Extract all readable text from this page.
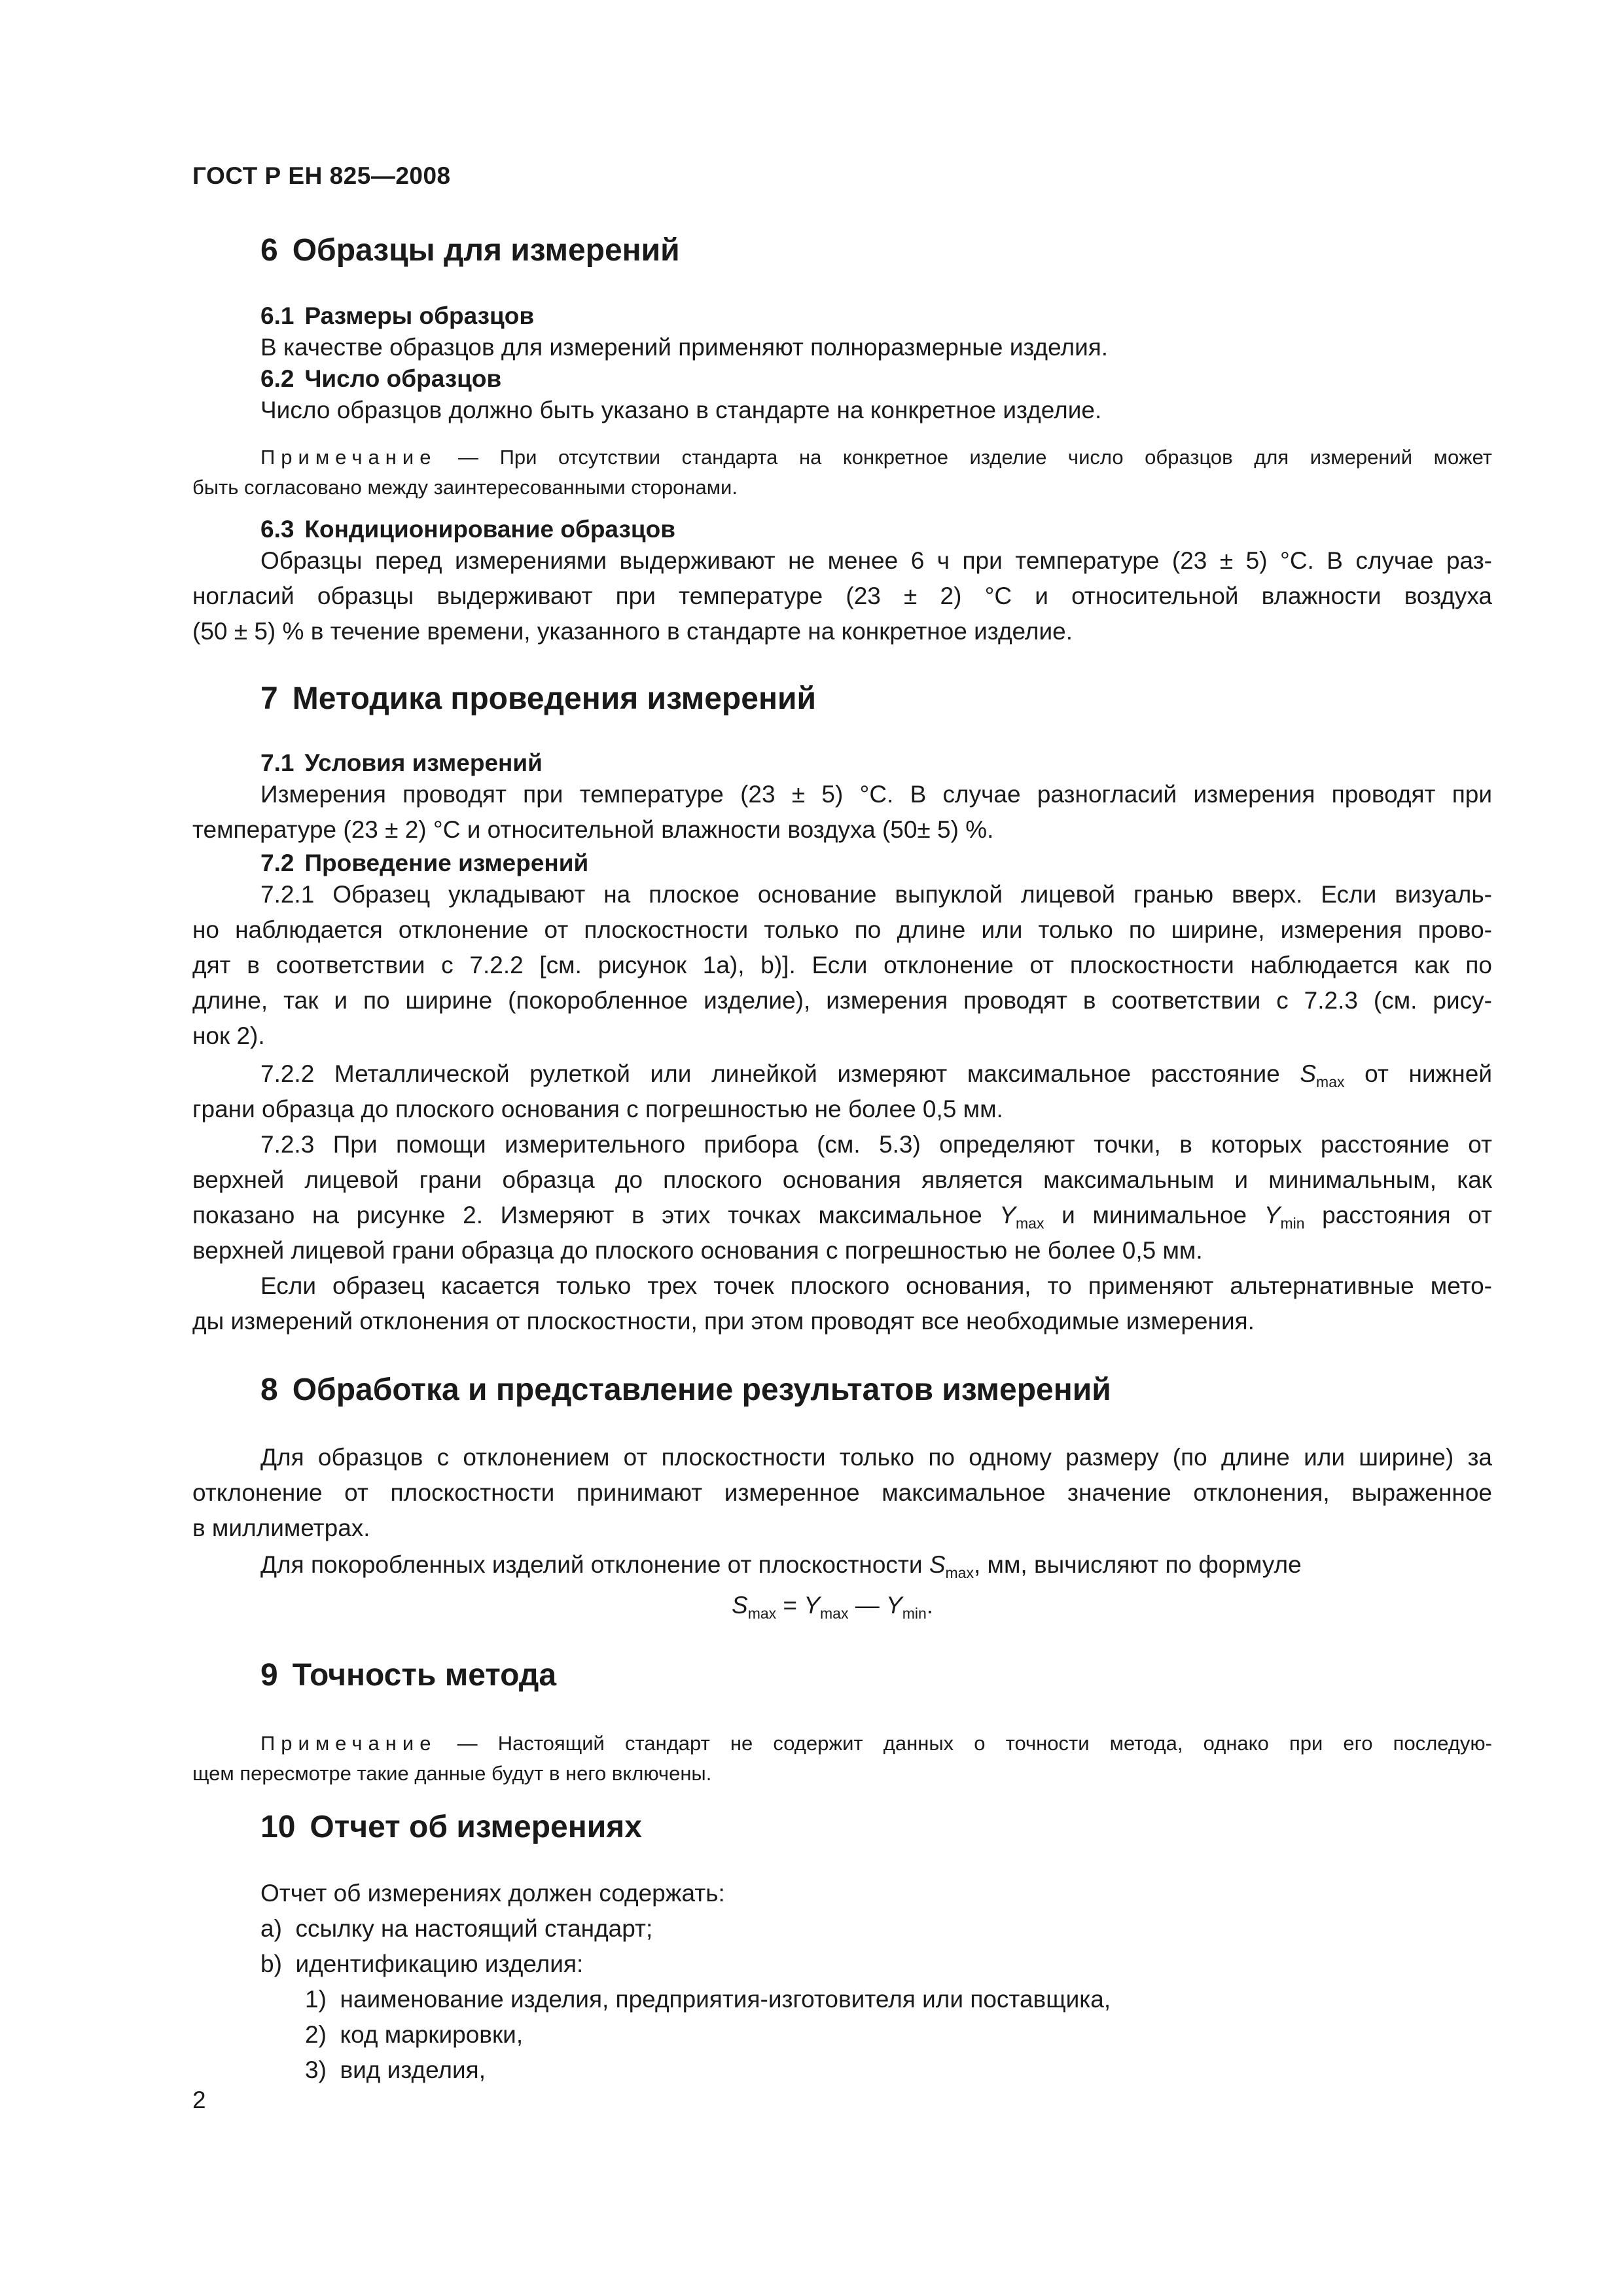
ГОСТ Р ЕН 825—2008
6 Образцы для измерений
6.1 Размеры образцов
В качестве образцов для измерений применяют полноразмерные изделия.
6.2 Число образцов
Число образцов должно быть указано в стандарте на конкретное изделие.
Примечание — При отсутствии стандарта на конкретное изделие число образцов для измерений может
быть согласовано между заинтересованными сторонами.
6.3 Кондиционирование образцов
Образцы перед измерениями выдерживают не менее 6 ч при температуре (23 ± 5) °С. В случае раз-
ногласий образцы выдерживают при температуре (23 ± 2) °С и относительной влажности воздуха
(50 ± 5) % в течение времени, указанного в стандарте на конкретное изделие.
7 Методика проведения измерений
7.1 Условия измерений
Измерения проводят при температуре (23 ± 5) °С. В случае разногласий измерения проводят при
температуре (23 ± 2) °С и относительной влажности воздуха (50± 5) %.
7.2 Проведение измерений
7.2.1 Образец укладывают на плоское основание выпуклой лицевой гранью вверх. Если визуаль-
но наблюдается отклонение от плоскостности только по длине или только по ширине, измерения прово-
дят в соответствии с 7.2.2 [см. рисунок 1а), b)]. Если отклонение от плоскостности наблюдается как по
длине, так и по ширине (покоробленное изделие), измерения проводят в соответствии с 7.2.3 (см. рису-
нок 2).
7.2.2 Металлической рулеткой или линейкой измеряют максимальное расстояние $S_{max}$ от нижней
грани образца до плоского основания с погрешностью не более 0,5 мм.
7.2.3 При помощи измерительного прибора (см. 5.3) определяют точки, в которых расстояние от
верхней лицевой грани образца до плоского основания является максимальным и минимальным, как
показано на рисунке 2. Измеряют в этих точках максимальное $Y_{max}$ и минимальное $Y_{min}$ расстояния от
верхней лицевой грани образца до плоского основания с погрешностью не более 0,5 мм.
Если образец касается только трех точек плоского основания, то применяют альтернативные мето-
ды измерений отклонения от плоскостности, при этом проводят все необходимые измерения.
8 Обработка и представление результатов измерений
Для образцов с отклонением от плоскостности только по одному размеру (по длине или ширине) за
отклонение от плоскостности принимают измеренное максимальное значение отклонения, выраженное
в миллиметрах.
Для покоробленных изделий отклонение от плоскостности $S_{max}$, мм, вычисляют по формуле
$S_{max} = Y_{max}$ — $Y_{min}$.
9 Точность метода
Примечание — Настоящий стандарт не содержит данных о точности метода, однако при его последую-
щем пересмотре такие данные будут в него включены.
10 Отчет об измерениях
Отчет об измерениях должен содержать:
a) ссылку на настоящий стандарт;
b) идентификацию изделия:
1) наименование изделия, предприятия-изготовителя или поставщика,
2) код маркировки,
3) вид изделия,
2
